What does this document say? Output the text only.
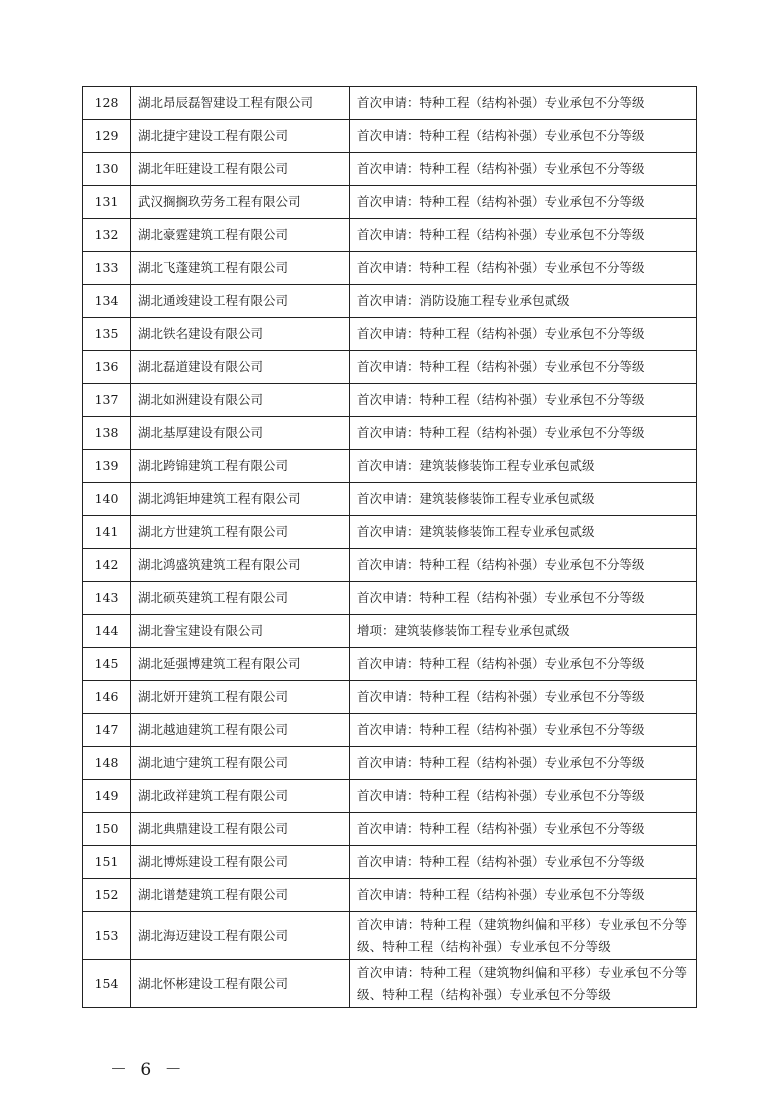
128	湖北昂辰磊智建设工程有限公司	首次申请：特种工程（结构补强）专业承包不分等级
129	湖北捷宇建设工程有限公司	首次申请：特种工程（结构补强）专业承包不分等级
130	湖北年旺建设工程有限公司	首次申请：特种工程（结构补强）专业承包不分等级
131	武汉搁搁玖劳务工程有限公司	首次申请：特种工程（结构补强）专业承包不分等级
132	湖北豪霆建筑工程有限公司	首次申请：特种工程（结构补强）专业承包不分等级
133	湖北飞蓬建筑工程有限公司	首次申请：特种工程（结构补强）专业承包不分等级
134	湖北通竣建设工程有限公司	首次申请：消防设施工程专业承包贰级
135	湖北铁名建设有限公司	首次申请：特种工程（结构补强）专业承包不分等级
136	湖北磊道建设有限公司	首次申请：特种工程（结构补强）专业承包不分等级
137	湖北如洲建设有限公司	首次申请：特种工程（结构补强）专业承包不分等级
138	湖北基厚建设有限公司	首次申请：特种工程（结构补强）专业承包不分等级
139	湖北跨锦建筑工程有限公司	首次申请：建筑装修装饰工程专业承包贰级
140	湖北鸿钜坤建筑工程有限公司	首次申请：建筑装修装饰工程专业承包贰级
141	湖北方世建筑工程有限公司	首次申请：建筑装修装饰工程专业承包贰级
142	湖北鸿盛筑建筑工程有限公司	首次申请：特种工程（结构补强）专业承包不分等级
143	湖北硕英建筑工程有限公司	首次申请：特种工程（结构补强）专业承包不分等级
144	湖北誊宝建设有限公司	增项：建筑装修装饰工程专业承包贰级
145	湖北延强博建筑工程有限公司	首次申请：特种工程（结构补强）专业承包不分等级
146	湖北妍开建筑工程有限公司	首次申请：特种工程（结构补强）专业承包不分等级
147	湖北越迪建筑工程有限公司	首次申请：特种工程（结构补强）专业承包不分等级
148	湖北迪宁建筑工程有限公司	首次申请：特种工程（结构补强）专业承包不分等级
149	湖北政祥建筑工程有限公司	首次申请：特种工程（结构补强）专业承包不分等级
150	湖北典鼎建设工程有限公司	首次申请：特种工程（结构补强）专业承包不分等级
151	湖北博烁建设工程有限公司	首次申请：特种工程（结构补强）专业承包不分等级
152	湖北谱楚建筑工程有限公司	首次申请：特种工程（结构补强）专业承包不分等级
153	湖北海迈建设工程有限公司	首次申请：特种工程（建筑物纠偏和平移）专业承包不分等级、特种工程（结构补强）专业承包不分等级
154	湖北怀彬建设工程有限公司	首次申请：特种工程（建筑物纠偏和平移）专业承包不分等级、特种工程（结构补强）专业承包不分等级
－ 6 －
